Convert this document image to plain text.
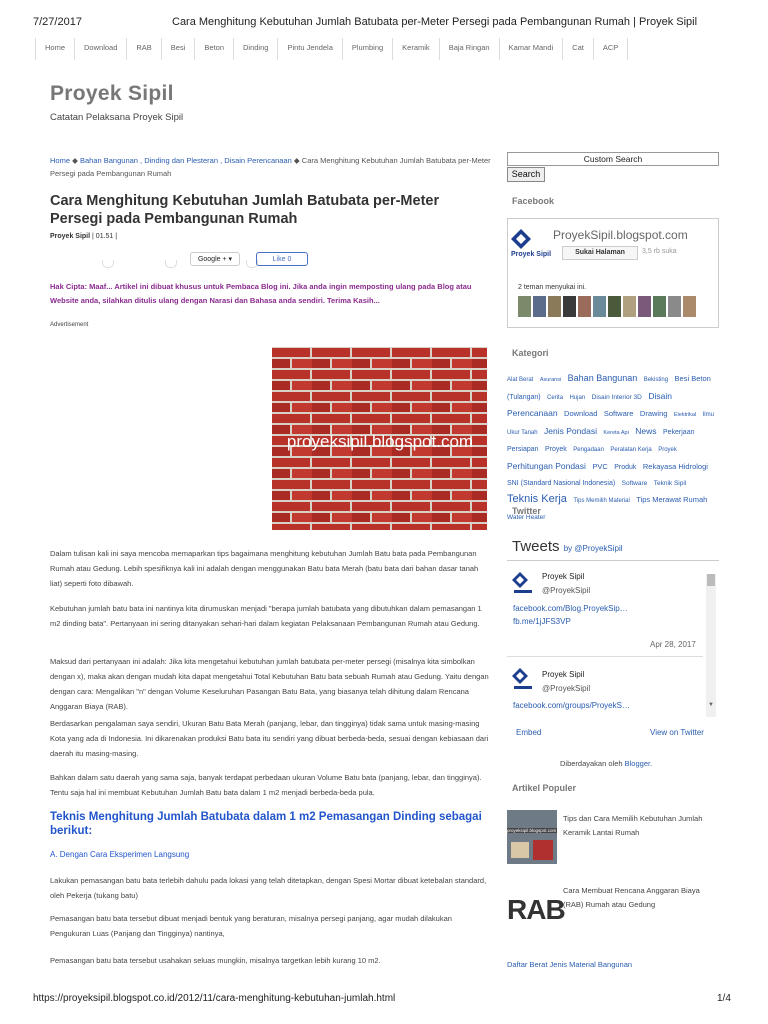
7/27/2017	Cara Menghitung Kebutuhan Jumlah Batubata per-Meter Persegi pada Pembangunan Rumah | Proyek Sipil
Home	Download	RAB	Besi	Beton	Dinding	Pintu Jendela	Plumbing	Keramik	Baja Ringan	Kamar Mandi	Cat	ACP
Proyek Sipil
Catatan Pelaksana Proyek Sipil
Home ◆ Bahan Bangunan , Dinding dan Plesteran , Disain Perencanaan ◆ Cara Menghitung Kebutuhan Jumlah Batubata per-Meter Persegi pada Pembangunan Rumah
Cara Menghitung Kebutuhan Jumlah Batubata per-Meter Persegi pada Pembangunan Rumah
Proyek Sipil | 01.51 |
Google + ▾	Like 0
Hak Cipta: Maaf... Artikel ini dibuat khusus untuk Pembaca Blog ini. Jika anda ingin memposting ulang pada Blog atau Website anda, silahkan ditulis ulang dengan Narasi dan Bahasa anda sendiri. Terima Kasih...
Advertisement
proyeksipil.blogspot.com
Dalam tulisan kali ini saya mencoba memaparkan tips bagaimana menghitung kebutuhan Jumlah Batu bata pada Pembangunan Rumah atau Gedung. Lebih spesifiknya kali ini adalah dengan menggunakan Batu bata Merah (batu bata dari bahan dasar tanah liat) seperti foto dibawah.
Kebutuhan jumlah batu bata ini nantinya kita dirumuskan menjadi "berapa jumlah batubata yang dibutuhkan dalam pemasangan 1 m2 dinding bata". Pertanyaan ini sering ditanyakan sehari-hari dalam kegiatan Pelaksanaan Pembangunan Rumah atau Gedung.
Maksud dari pertanyaan ini adalah: Jika kita mengetahui kebutuhan jumlah batubata per-meter persegi (misalnya kita simbolkan dengan x), maka akan dengan mudah kita dapat mengetahui Total Kebutuhan Batu bata sebuah Rumah atau Gedung. Yaitu dengan dengan cara: Mengalikan "n" dengan Volume Keseluruhan Pasangan Batu Bata, yang biasanya telah dihitung dalam Rencana Anggaran Biaya (RAB).
Berdasarkan pengalaman saya sendiri, Ukuran Batu Bata Merah (panjang, lebar, dan tingginya) tidak sama untuk masing-masing Kota yang ada di Indonesia. Ini dikarenakan produksi Batu bata itu sendiri yang dibuat berbeda-beda, sesuai dengan kebiasaan dari daerah itu masing-masing.
Bahkan dalam satu daerah yang sama saja, banyak terdapat perbedaan ukuran Volume Batu bata (panjang, lebar, dan tingginya). Tentu saja hal ini membuat Kebutuhan Jumlah Batu bata dalam 1 m2 menjadi berbeda-beda pula.
Teknis Menghitung Jumlah Batubata dalam 1 m2 Pemasangan Dinding sebagai berikut:
A. Dengan Cara Eksperimen Langsung
Lakukan pemasangan batu bata terlebih dahulu pada lokasi yang telah ditetapkan, dengan Spesi Mortar dibuat ketebalan standard, oleh Pekerja (tukang batu)
Pemasangan batu bata tersebut dibuat menjadi bentuk yang beraturan, misalnya persegi panjang, agar mudah dilakukan Pengukuran Luas (Panjang dan Tingginya) nantinya,
Pemasangan batu bata tersebut usahakan seluas mungkin, misalnya targetkan lebih kurang 10 m2.
Custom Search
Search
Facebook
Proyek Sipil
ProyekSipil.blogspot.com
Sukai Halaman	3,5 rb suka
2 teman menyukai ini.
Kategori
Alat Berat Asuransi Bahan Bangunan Bekisting Besi Beton (Tulangan) Cerita Hujan Disain Interior 3D Disain Perencanaan Download Software Drawing Elektrikal Ilmu Ukur Tanah Jenis Pondasi Kereta Api News Pekerjaan Persiapan Proyek Pengadaan Peralatan Kerja Proyek Perhitungan Pondasi PVC Produk Rekayasa Hidrologi SNI (Standard Nasional Indonesia) Software Teknik Sipil Teknis Kerja Tips Memilih Material Tips Merawat Rumah Water Heater
Twitter
Tweets by @ProyekSipil
Proyek Sipil
@ProyekSipil
facebook.com/Blog.ProyekSip…
fb.me/1jJFS3VP
Apr 28, 2017
Proyek Sipil
@ProyekSipil
facebook.com/groups/ProyekS…	▼
Embed	View on Twitter
Diberdayakan oleh Blogger.
Artikel Populer
proyeksipil.blogspot.com
Tips dan Cara Memilih Kebutuhan Jumlah Keramik Lantai Rumah
RAB
Cara Membuat Rencana Anggaran Biaya (RAB) Rumah atau Gedung
Daftar Berat Jenis Material Bangunan
https://proyeksipil.blogspot.co.id/2012/11/cara-menghitung-kebutuhan-jumlah.html	1/4
